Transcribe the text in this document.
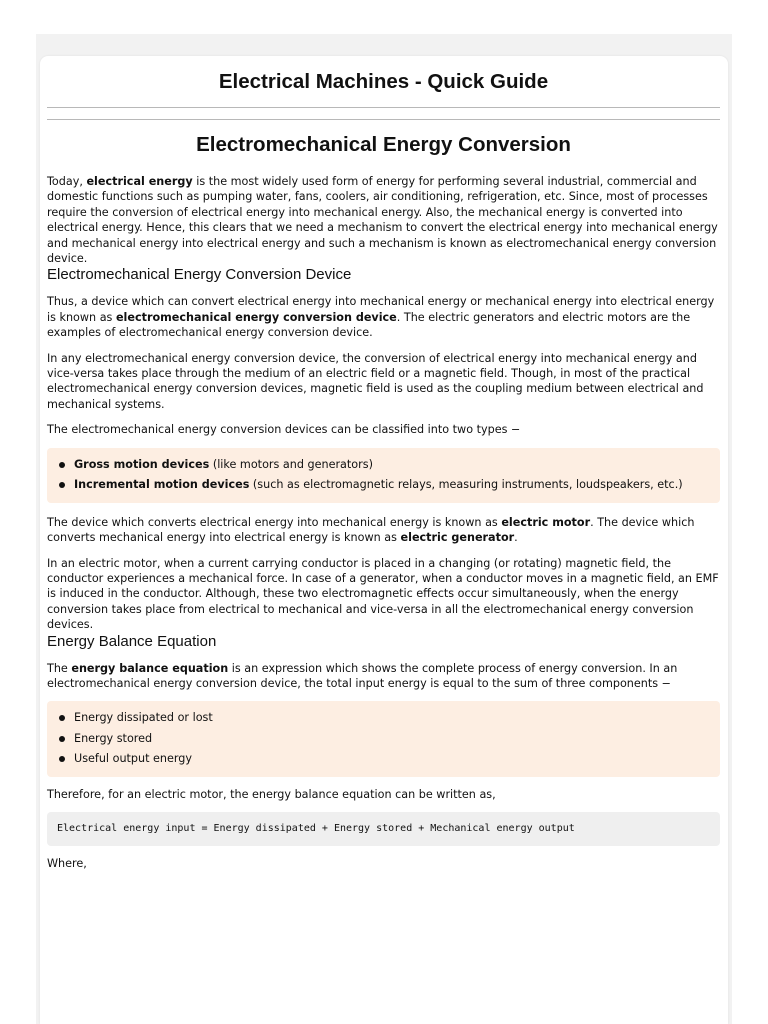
Electrical Machines - Quick Guide
Electromechanical Energy Conversion

Today, electrical energy is the most widely used form of energy for performing several industrial, commercial and domestic functions such as pumping water, fans, coolers, air conditioning, refrigeration, etc. Since, most of processes require the conversion of electrical energy into mechanical energy. Also, the mechanical energy is converted into electrical energy. Hence, this clears that we need a mechanism to convert the electrical energy into mechanical energy and mechanical energy into electrical energy and such a mechanism is known as electromechanical energy conversion device.

Electromechanical Energy Conversion Device

Thus, a device which can convert electrical energy into mechanical energy or mechanical energy into electrical energy is known as electromechanical energy conversion device. The electric generators and electric motors are the examples of electromechanical energy conversion device.

In any electromechanical energy conversion device, the conversion of electrical energy into mechanical energy and vice-versa takes place through the medium of an electric field or a magnetic field. Though, in most of the practical electromechanical energy conversion devices, magnetic field is used as the coupling medium between electrical and mechanical systems.

The electromechanical energy conversion devices can be classified into two types −

Gross motion devices (like motors and generators)
Incremental motion devices (such as electromagnetic relays, measuring instruments, loudspeakers, etc.)

The device which converts electrical energy into mechanical energy is known as electric motor. The device which converts mechanical energy into electrical energy is known as electric generator.

In an electric motor, when a current carrying conductor is placed in a changing (or rotating) magnetic field, the conductor experiences a mechanical force. In case of a generator, when a conductor moves in a magnetic field, an EMF is induced in the conductor. Although, these two electromagnetic effects occur simultaneously, when the energy conversion takes place from electrical to mechanical and vice-versa in all the electromechanical energy conversion devices.

Energy Balance Equation

The energy balance equation is an expression which shows the complete process of energy conversion. In an electromechanical energy conversion device, the total input energy is equal to the sum of three components −

Energy dissipated or lost
Energy stored
Useful output energy

Therefore, for an electric motor, the energy balance equation can be written as,

Electrical energy input = Energy dissipated + Energy stored + Mechanical energy output

Where,
